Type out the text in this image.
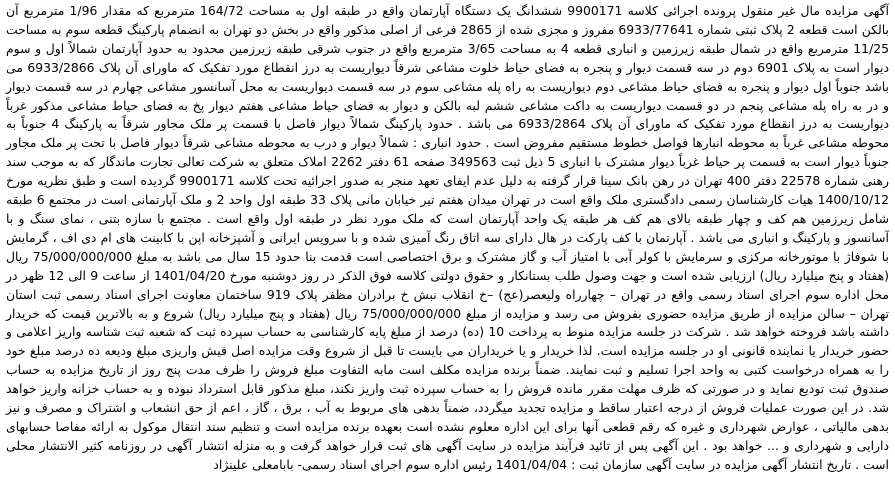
آگهی مزایده مال غیر منقول پرونده اجرائی کلاسه 9900171 ششدانگ یک دستگاه آپارتمان واقع در طبقه اول به مساحت 164/72 مترمربع که مقدار 1/96 مترمربع آن بالکن است قطعه 2 پلاک ثبتی شماره 6933/77641 مفروز و مجزی شده از 2865 فرعی از اصلی مذکور واقع در بخش دو تهران به انضمام پارکینگ قطعه سوم به مساحت 11/25 مترمربع واقع در شمال طبقه زیرزمین و انباری قطعه 4 به مساحت 3/65 مترمربع واقع در جنوب شرقی طبقه زیرزمین محدود به حدود آپارتمان شمالاً اول و سوم دیوار است به پلاک 6901 دوم در سه قسمت دیوار و پنجره به فضای حیاط خلوت مشاعی شرقاً دیواریست به درز انقطاع مورد تفکیک که ماورای آن پلاک 6933/2866 می باشد جنوباً اول دیوار و پنجره به فضای حیاط مشاعی دوم دیواریست به راه پله مشاعی سوم در سه قسمت دیواریست به محل آسانسور مشاعی چهارم در سه قسمت دیوار و در به راه پله مشاعی پنجم در دو قسمت دیواریست به داکت مشاعی ششم لبه بالکن و دیوار به فضای حیاط مشاعی هفتم دیوار پخ به فضای حیاط مشاعی مذکور غرباً دیواریست به درز انقطاع مورد تفکیک که ماورای آن پلاک 6933/2864 می باشد . حدود پارکینگ شمالاً دیوار فاصل با قسمت پر ملک مجاور شرقاً به پارکینگ 4 جنوباً به محوطه مشاعی غرباً به محوطه انبارها فواصل خطوط مستقیم مفروض است . حدود انباری : شمالاً دیوار و درب به محوطه مشاعی شرقاً دیوار فاصل با تحت پر ملک مجاور جنوباً دیوار است به قسمت پر حیاط غرباً دیوار مشترک با انباری 5 ذیل ثبت 349563 صفحه 61 دفتر 2262 املاک متعلق به شرکت تعالی تجارت ماندگار که به موجب سند رهنی شماره 22578 دفتر 400 تهران در رهن بانک سینا قرار گرفته به دلیل عدم ایفای تعهد منجر به صدور اجرائیه تحت کلاسه 9900171 گردیده است و طبق نظریه مورخ 1400/10/12 هیات کارشناسان رسمی دادگستری ملک واقع است در تهران میدان هفتم تیر خیابان مانی پلاک 33 طبقه اول واحد 2 و ملک آپارتمانی است در مجتمع 6 طبقه شامل زیرزمین هم کف و چهار طبقه بالای هم کف هر طبقه یک واحد آپارتمان است که ملک مورد نظر در طبقه اول واقع است . مجتمع با سازه بتنی ، نمای سنگ و با آسانسور و پارکینگ و انباری می باشد . آپارتمان با کف پارکت در هال دارای سه اتاق رنگ آمیزی شده و با سرویس ایرانی و آشپزخانه اپن با کابینت های ام دی اف ، گرمایش با شوفاژ با موتورخانه مرکزی و سرمایش با کولر آبی با امتیاز آب و گاز مشترک و برق اختصاصی است قدمت بنا حدود 15 سال می باشد به مبلغ 75/000/000/000 ریال (هفتاد و پنج میلیارد ریال) ارزیابی شده است و جهت وصول طلب بستانکار و حقوق دولتی کلاسه فوق الذکر در روز دوشنبه مورخ 1401/04/20 از ساعت 9 الی 12 ظهر در محل اداره سوم اجرای اسناد رسمی واقع در تهران – چهارراه ولیعصر(عج) –خ انقلاب نبش خ برادران مظفر پلاک 919 ساختمان معاونت اجرای اسناد رسمی ثبت استان تهران – سالن مزایده از طریق مزایده حضوری بفروش می رسد و مزایده از مبلغ 75/000/000/000 ریال (هفتاد و پنج میلیارد ریال) شروع و به بالاترین قیمت که خریدار داشته باشد فروخته خواهد شد . شرکت در جلسه مزایده منوط به پرداخت 10 (ده) درصد از مبلغ پایه کارشناسی به حساب سپرده ثبت که شعبه ثبت شناسه واریز اعلامی و حضور خریدار یا نماینده قانونی او در جلسه مزایده است. لذا خریدار و یا خریداران می بایست تا قبل از شروع وقت مزایده اصل فیش واریزی مبلغ ودیعه ده درصد مبلغ خود را به همراه درخواست کتبی به واحد اجرا تسلیم و ثبت نمایند. ضمناً برنده مزایده مکلف است مابه التفاوت مبلغ فروش را ظرف مدت پنج روز از تاریخ مزایده به حساب صندوق ثبت تودیع نماید و در صورتی که ظرف مهلت مقرر مانده فروش را به حساب سپرده ثبت واریز نکند، مبلغ مذکور قابل استرداد نبوده و به حساب خزانه واریز خواهد شد. در این صورت عملیات فروش از درجه اعتبار ساقط و مزایده تجدید میگردد، ضمناً بدهی های مربوط به آب ، برق ، گاز ، اعم از حق انشعاب و اشتراک و مصرف و نیز بدهی مالیاتی ، عوارض شهرداری و غیره که رقم قطعی آنها برای این اداره معلوم نشده است بعهده برنده مزایده است و تنظیم سند انتقال موکول به ارائه مفاصا حسابهای دارایی و شهرداری و ... خواهد بود . این آگهی پس از تائید فرآیند مزایده در سایت آگهی های ثبت قرار خواهد گرفت و به منزله انتشار آگهی در روزنامه کثیر الانتشار محلی است . تاریخ انتشار آگهی مزایده در سایت آگهی سازمان ثبت : 1401/04/04 رئیس اداره سوم اجرای اسناد رسمی- بابامعلی علینژاد
